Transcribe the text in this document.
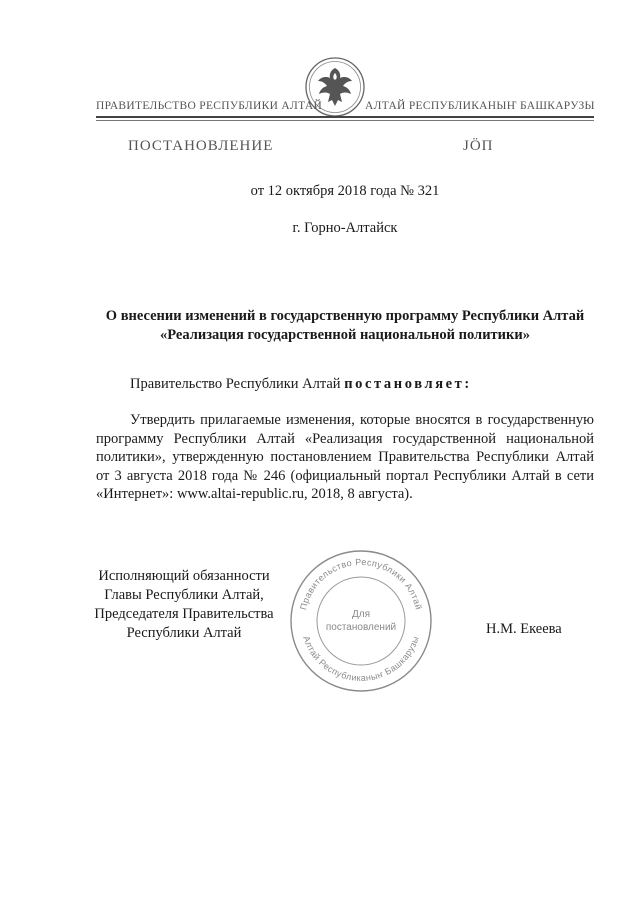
ПРАВИТЕЛЬСТВО РЕСПУБЛИКИ АЛТАЙ	АЛТАЙ РЕСПУБЛИКАНЫҤ БАШКАРУЗЫ
ПОСТАНОВЛЕНИЕ	ЈÖП
от 12 октября 2018 года № 321
г. Горно-Алтайск
О внесении изменений в государственную программу Республики Алтай
«Реализация государственной национальной политики»
Правительство Республики Алтай постановляет:
Утвердить прилагаемые изменения, которые вносятся в государственную программу Республики Алтай «Реализация государственной национальной политики», утвержденную постановлением Правительства Республики Алтай от 3 августа 2018 года № 246 (официальный портал Республики Алтай в сети «Интернет»: www.altai-republic.ru, 2018, 8 августа).
Исполняющий обязанности
Главы Республики Алтай,
Председателя Правительства
Республики Алтай	Н.М. Екеева
Правительство Республики Алтай
Алтай Республиканыҥ Башкарузы
Для
постановлений
